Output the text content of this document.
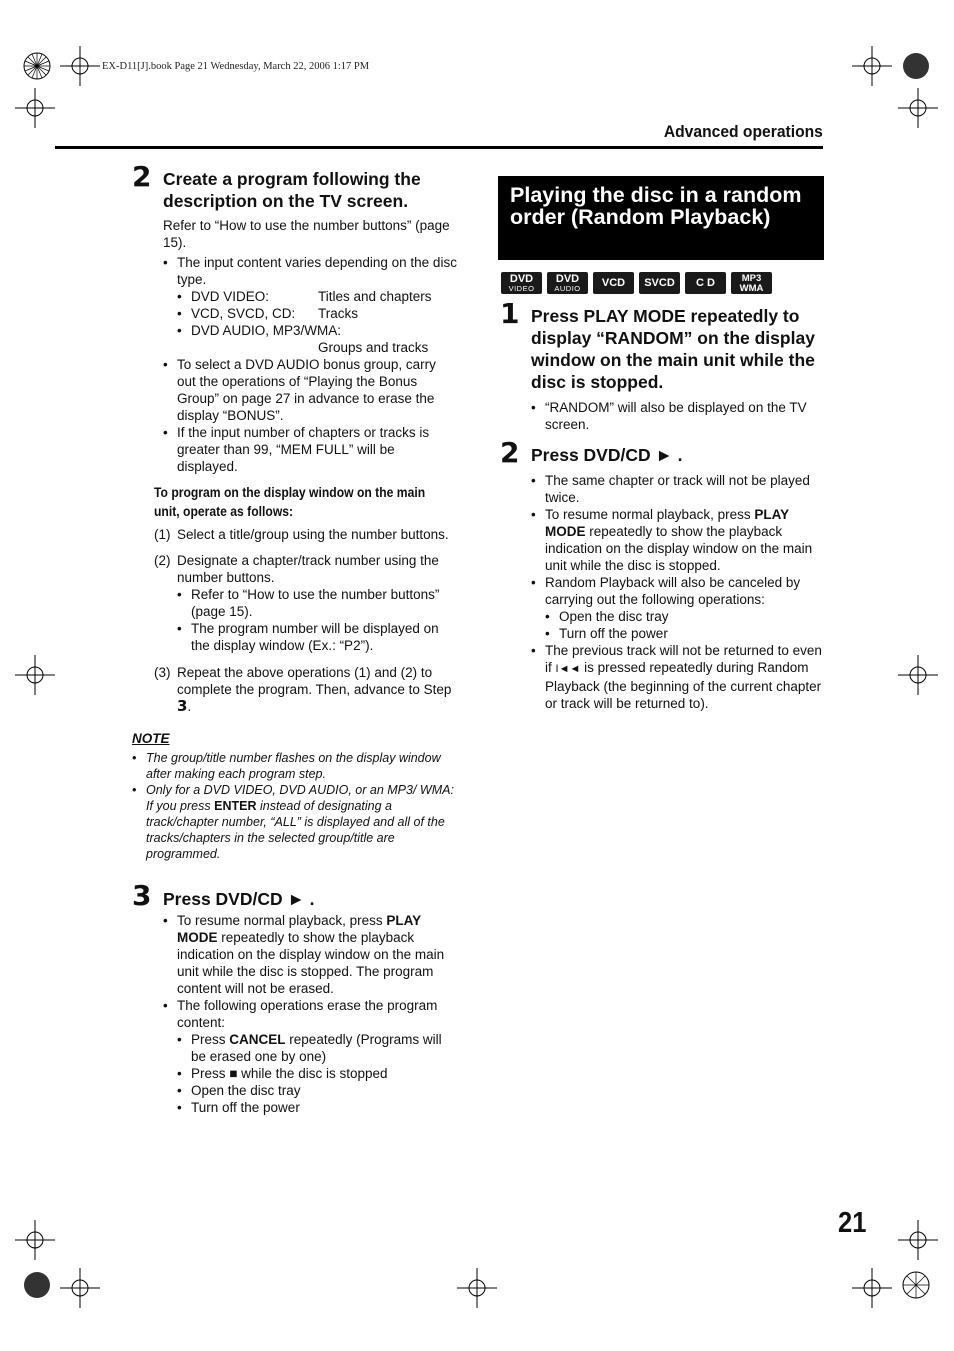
EX-D11[J].book Page 21 Wednesday, March 22, 2006 1:17 PM
Advanced operations
2 Create a program following the description on the TV screen.
Refer to “How to use the number buttons” (page 15).
• The input content varies depending on the disc type.
• DVD VIDEO:	Titles and chapters
• VCD, SVCD, CD:	Tracks
• DVD AUDIO, MP3/WMA:
Groups and tracks
• To select a DVD AUDIO bonus group, carry out the operations of “Playing the Bonus Group” on page 27 in advance to erase the display “BONUS”.
• If the input number of chapters or tracks is greater than 99, “MEM FULL” will be displayed.
To program on the display window on the main unit, operate as follows:
(1) Select a title/group using the number buttons.
(2) Designate a chapter/track number using the number buttons.
• Refer to “How to use the number buttons” (page 15).
• The program number will be displayed on the display window (Ex.: “P2”).
(3) Repeat the above operations (1) and (2) to complete the program. Then, advance to Step 3.
NOTE
• The group/title number flashes on the display window after making each program step.
• Only for a DVD VIDEO, DVD AUDIO, or an MP3/ WMA: If you press ENTER instead of designating a track/chapter number, “ALL” is displayed and all of the tracks/chapters in the selected group/title are programmed.
3 Press DVD/CD ► .
• To resume normal playback, press PLAY MODE repeatedly to show the playback indication on the display window on the main unit while the disc is stopped. The program content will not be erased.
• The following operations erase the program content:
• Press CANCEL repeatedly (Programs will be erased one by one)
• Press ■ while the disc is stopped
• Open the disc tray
• Turn off the power
Playing the disc in a random order (Random Playback)
DVD
VIDEO
DVD
AUDIO VCD SVCD C D	MP3
WMA
1 Press PLAY MODE repeatedly to display “RANDOM” on the display window on the main unit while the disc is stopped.
• “RANDOM” will also be displayed on the TV screen.
2 Press DVD/CD ► .
• The same chapter or track will not be played twice.
• To resume normal playback, press PLAY MODE repeatedly to show the playback indication on the display window on the main unit while the disc is stopped.
• Random Playback will also be canceled by carrying out the following operations:
• Open the disc tray
• Turn off the power
• The previous track will not be returned to even if I◄◄ is pressed repeatedly during Random Playback (the beginning of the current chapter or track will be returned to).
21
